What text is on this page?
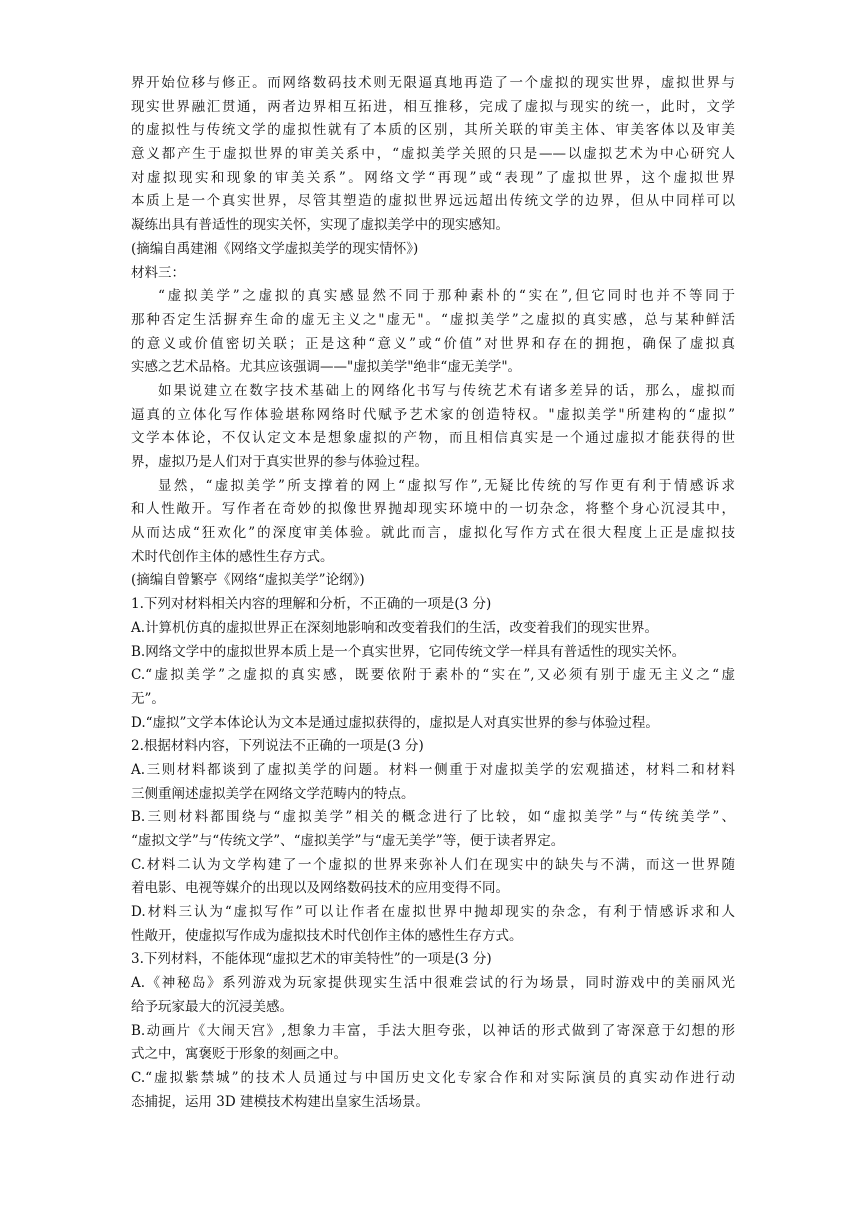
界开始位移与修正。而网络数码技术则无限逼真地再造了一个虚拟的现实世界，虚拟世界与

现实世界融汇贯通，两者边界相互拓进，相互推移，完成了虚拟与现实的统一，此时，文学

的虚拟性与传统文学的虚拟性就有了本质的区别，其所关联的审美主体、审美客体以及审美

意义都产生于虚拟世界的审美关系中，“虚拟美学关照的只是——以虚拟艺术为中心研究人

对虚拟现实和现象的审美关系”。网络文学“再现”或“表现”了虚拟世界，这个虚拟世界

本质上是一个真实世界，尽管其塑造的虚拟世界远远超出传统文学的边界，但从中同样可以

凝练出具有普适性的现实关怀，实现了虚拟美学中的现实感知。

(摘编自禹建湘《网络文学虚拟美学的现实情怀》)

材料三：

“虚拟美学”之虚拟的真实感显然不同于那种素朴的“实在”,但它同时也并不等同于

那种否定生活摒弃生命的虚无主义之"虚无"。“虚拟美学”之虚拟的真实感，总与某种鲜活

的意义或价值密切关联；正是这种“意义”或“价值”对世界和存在的拥抱，确保了虚拟真

实感之艺术品格。尤其应该强调——"虚拟美学"绝非“虚无美学"。

如果说建立在数字技术基础上的网络化书写与传统艺术有诸多差异的话，那么，虚拟而

逼真的立体化写作体验堪称网络时代赋予艺术家的创造特权。"虚拟美学"所建构的“虚拟”

文学本体论，不仅认定文本是想象虚拟的产物，而且相信真实是一个通过虚拟才能获得的世

界，虚拟乃是人们对于真实世界的参与体验过程。

显然，“虚拟美学”所支撑着的网上“虚拟写作”,无疑比传统的写作更有利于情感诉求

和人性敞开。写作者在奇妙的拟像世界抛却现实环境中的一切杂念，将整个身心沉浸其中，

从而达成“狂欢化”的深度审美体验。就此而言，虚拟化写作方式在很大程度上正是虚拟技

术时代创作主体的感性生存方式。

(摘编自曾繁亭《网络“虚拟美学”论纲》)

1.下列对材料相关内容的理解和分析，不正确的一项是(3 分)

A.计算机仿真的虚拟世界正在深刻地影响和改变着我们的生活，改变着我们的现实世界。

B.网络文学中的虚拟世界本质上是一个真实世界，它同传统文学一样具有普适性的现实关怀。

C.“虚拟美学”之虚拟的真实感，既要依附于素朴的“实在”,又必须有别于虚无主义之“虚

无”。

D.“虚拟”文学本体论认为文本是通过虚拟获得的，虚拟是人对真实世界的参与体验过程。

2.根据材料内容，下列说法不正确的一项是(3 分)

A.三则材料都谈到了虚拟美学的问题。材料一侧重于对虚拟美学的宏观描述，材料二和材料

三侧重阐述虚拟美学在网络文学范畴内的特点。

B.三则材料都围绕与“虚拟美学”相关的概念进行了比较，如“虚拟美学”与“传统美学”、

“虚拟文学”与“传统文学”、“虚拟美学”与“虚无美学”等，便于读者界定。

C.材料二认为文学构建了一个虚拟的世界来弥补人们在现实中的缺失与不满，而这一世界随

着电影、电视等媒介的出现以及网络数码技术的应用变得不同。

D.材料三认为“虚拟写作”可以让作者在虚拟世界中抛却现实的杂念，有利于情感诉求和人

性敞开，使虚拟写作成为虚拟技术时代创作主体的感性生存方式。

3.下列材料，不能体现“虚拟艺术的审美特性”的一项是(3 分)

A.《神秘岛》系列游戏为玩家提供现实生活中很难尝试的行为场景，同时游戏中的美丽风光

给予玩家最大的沉浸美感。

B.动画片《大闹天宫》,想象力丰富，手法大胆夸张，以神话的形式做到了寄深意于幻想的形

式之中，寓褒贬于形象的刻画之中。

C.“虚拟紫禁城”的技术人员通过与中国历史文化专家合作和对实际演员的真实动作进行动

态捕捉，运用 3D 建模技术构建出皇家生活场景。
